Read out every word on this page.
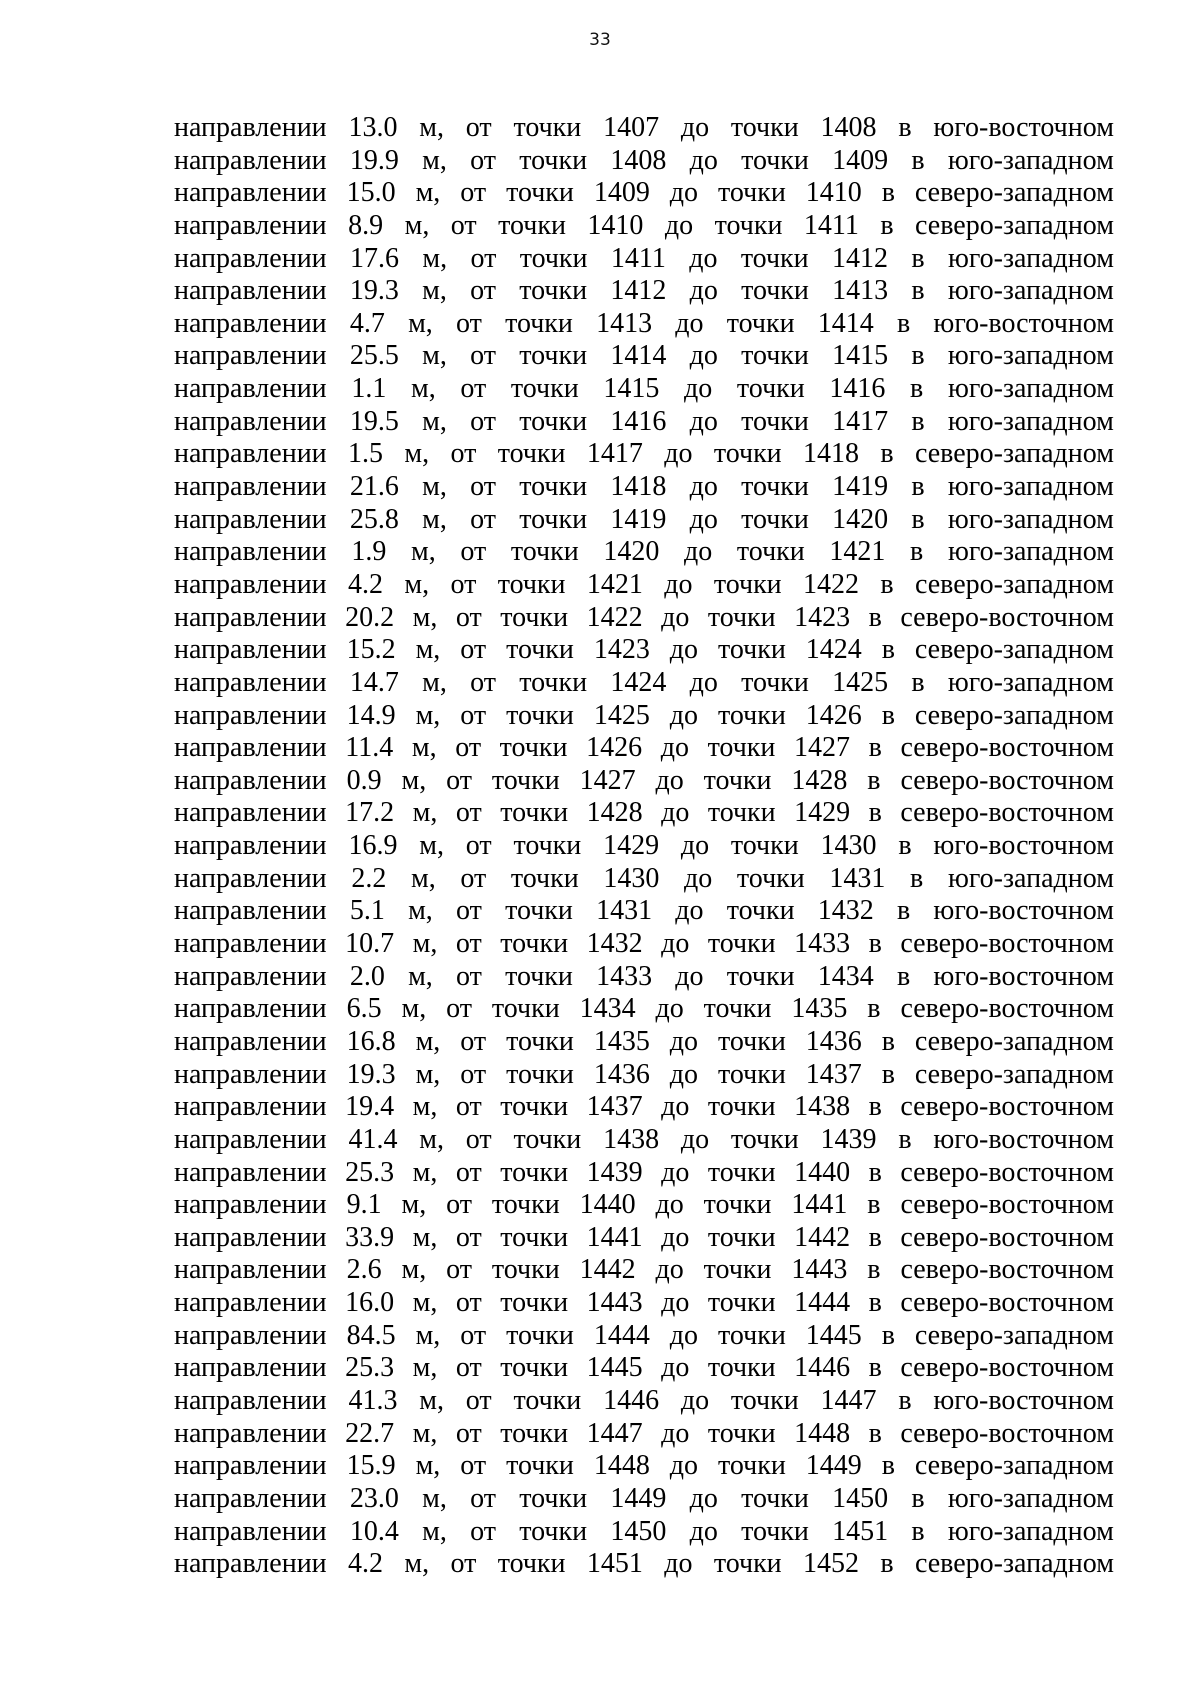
33
направлении 13.0 м, от точки 1407 до точки 1408 в юго-восточном
направлении 19.9 м, от точки 1408 до точки 1409 в юго-западном
направлении 15.0 м, от точки 1409 до точки 1410 в северо-западном
направлении 8.9 м, от точки 1410 до точки 1411 в северо-западном
направлении 17.6 м, от точки 1411 до точки 1412 в юго-западном
направлении 19.3 м, от точки 1412 до точки 1413 в юго-западном
направлении 4.7 м, от точки 1413 до точки 1414 в юго-восточном
направлении 25.5 м, от точки 1414 до точки 1415 в юго-западном
направлении 1.1 м, от точки 1415 до точки 1416 в юго-западном
направлении 19.5 м, от точки 1416 до точки 1417 в юго-западном
направлении 1.5 м, от точки 1417 до точки 1418 в северо-западном
направлении 21.6 м, от точки 1418 до точки 1419 в юго-западном
направлении 25.8 м, от точки 1419 до точки 1420 в юго-западном
направлении 1.9 м, от точки 1420 до точки 1421 в юго-западном
направлении 4.2 м, от точки 1421 до точки 1422 в северо-западном
направлении 20.2 м, от точки 1422 до точки 1423 в северо-восточном
направлении 15.2 м, от точки 1423 до точки 1424 в северо-западном
направлении 14.7 м, от точки 1424 до точки 1425 в юго-западном
направлении 14.9 м, от точки 1425 до точки 1426 в северо-западном
направлении 11.4 м, от точки 1426 до точки 1427 в северо-восточном
направлении 0.9 м, от точки 1427 до точки 1428 в северо-восточном
направлении 17.2 м, от точки 1428 до точки 1429 в северо-восточном
направлении 16.9 м, от точки 1429 до точки 1430 в юго-восточном
направлении 2.2 м, от точки 1430 до точки 1431 в юго-западном
направлении 5.1 м, от точки 1431 до точки 1432 в юго-восточном
направлении 10.7 м, от точки 1432 до точки 1433 в северо-восточном
направлении 2.0 м, от точки 1433 до точки 1434 в юго-восточном
направлении 6.5 м, от точки 1434 до точки 1435 в северо-восточном
направлении 16.8 м, от точки 1435 до точки 1436 в северо-западном
направлении 19.3 м, от точки 1436 до точки 1437 в северо-западном
направлении 19.4 м, от точки 1437 до точки 1438 в северо-восточном
направлении 41.4 м, от точки 1438 до точки 1439 в юго-восточном
направлении 25.3 м, от точки 1439 до точки 1440 в северо-восточном
направлении 9.1 м, от точки 1440 до точки 1441 в северо-восточном
направлении 33.9 м, от точки 1441 до точки 1442 в северо-восточном
направлении 2.6 м, от точки 1442 до точки 1443 в северо-восточном
направлении 16.0 м, от точки 1443 до точки 1444 в северо-восточном
направлении 84.5 м, от точки 1444 до точки 1445 в северо-западном
направлении 25.3 м, от точки 1445 до точки 1446 в северо-восточном
направлении 41.3 м, от точки 1446 до точки 1447 в юго-восточном
направлении 22.7 м, от точки 1447 до точки 1448 в северо-восточном
направлении 15.9 м, от точки 1448 до точки 1449 в северо-западном
направлении 23.0 м, от точки 1449 до точки 1450 в юго-западном
направлении 10.4 м, от точки 1450 до точки 1451 в юго-западном
направлении 4.2 м, от точки 1451 до точки 1452 в северо-западном
